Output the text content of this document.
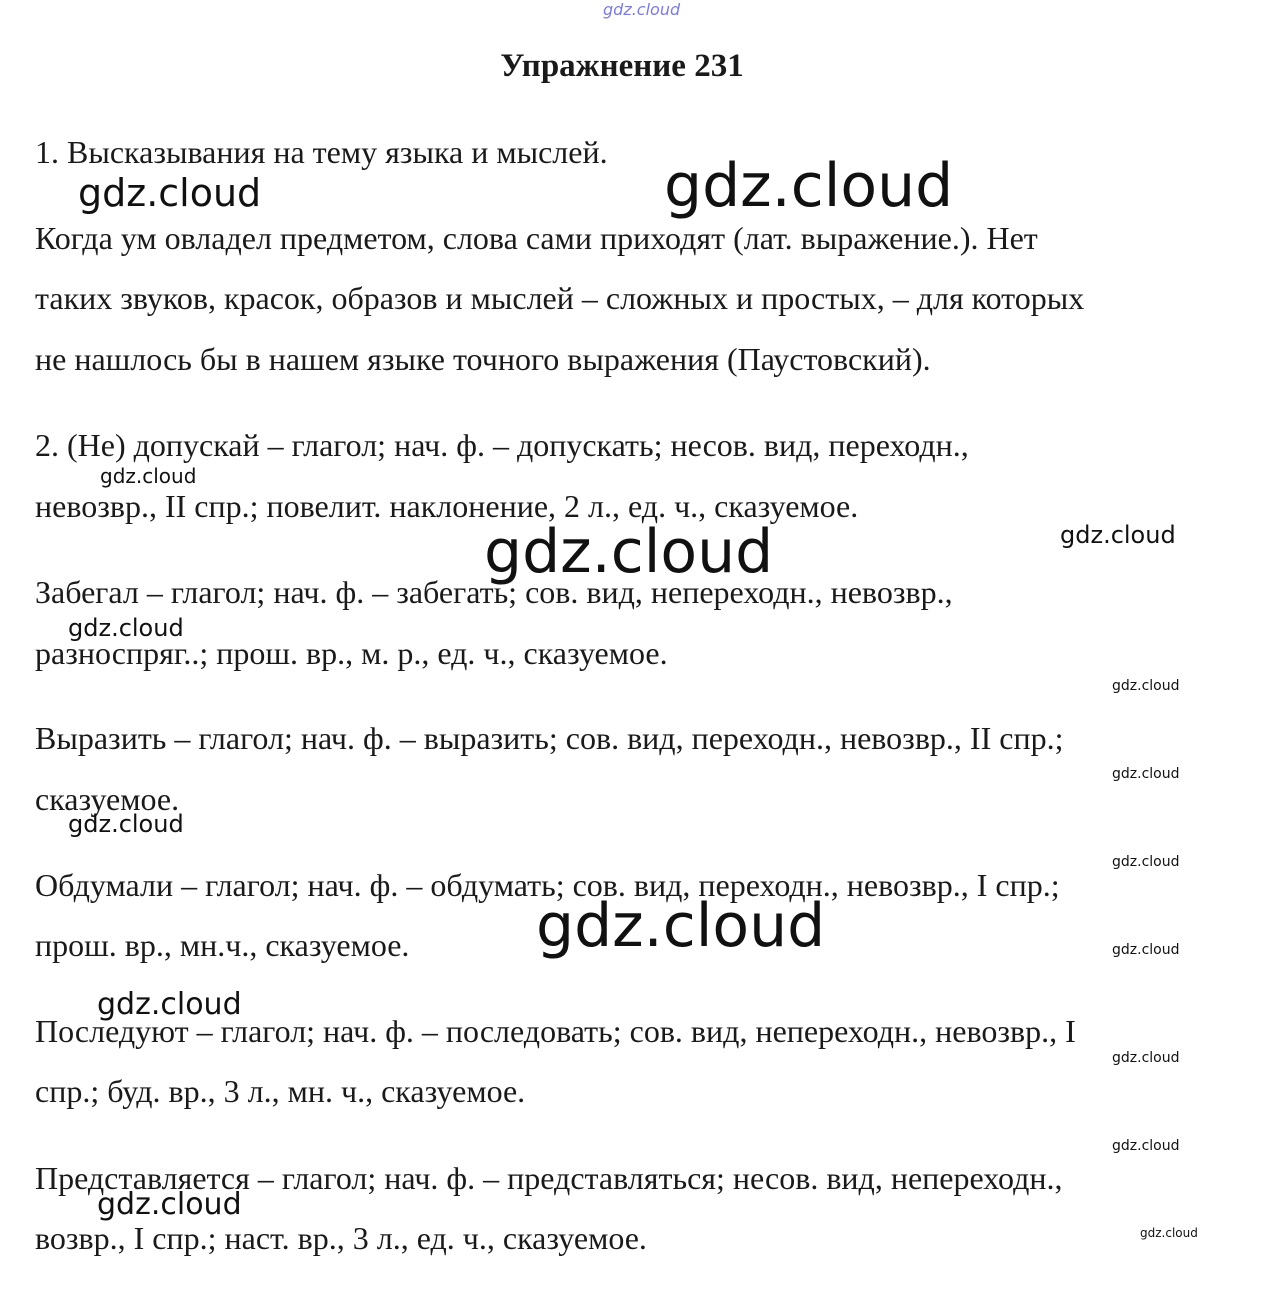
gdz.cloud
Упражнение 231
1. Высказывания на тему языка и мыслей.
Когда ум овладел предметом, слова сами приходят (лат. выражение.). Нет
таких звуков, красок, образов и мыслей – сложных и простых, – для которых
не нашлось бы в нашем языке точного выражения (Паустовский).
2. (Не) допускай – глагол; нач. ф. – допускать; несов. вид, переходн.,
невозвр., II спр.; повелит. наклонение, 2 л., ед. ч., сказуемое.
Забегал – глагол; нач. ф. – забегать; сов. вид, непереходн., невозвр.,
разноспряг..; прош. вр., м. р., ед. ч., сказуемое.
Выразить – глагол; нач. ф. – выразить; сов. вид, переходн., невозвр., II спр.;
сказуемое.
Обдумали – глагол; нач. ф. – обдумать; сов. вид, переходн., невозвр., I спр.;
прош. вр., мн.ч., сказуемое.
Последуют – глагол; нач. ф. – последовать; сов. вид, непереходн., невозвр., I
спр.; буд. вр., 3 л., мн. ч., сказуемое.
Представляется – глагол; нач. ф. – представляться; несов. вид, непереходн.,
возвр., I спр.; наст. вр., 3 л., ед. ч., сказуемое.
gdz.cloud	gdz.cloud
gdz.cloud
gdz.cloud	gdz.cloud
gdz.cloud
gdz.cloud
gdz.cloud
gdz.cloud
gdz.cloud
gdz.cloud	gdz.cloud
gdz.cloud
gdz.cloud
gdz.cloud
gdz.cloud
gdz.cloud
